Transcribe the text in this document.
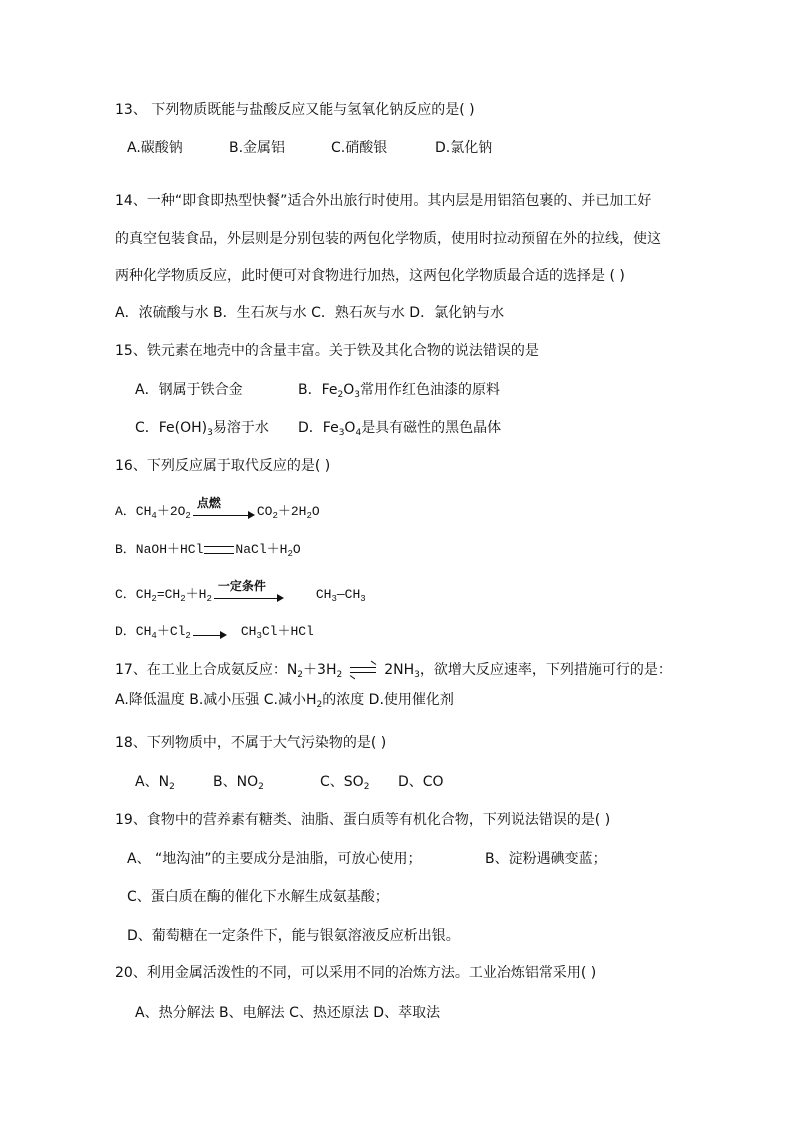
13、 下列物质既能与盐酸反应又能与氢氧化钠反应的是( )
A.碳酸钠	B.金属铝	C.硝酸银	D.氯化钠
14、一种“即食即热型快餐”适合外出旅行时使用。其内层是用铝箔包裹的、并已加工好
的真空包装食品，外层则是分别包装的两包化学物质，使用时拉动预留在外的拉线，使这
两种化学物质反应，此时便可对食物进行加热，这两包化学物质最合适的选择是 ( )
A．浓硫酸与水 B．生石灰与水 C．熟石灰与水 D．氯化钠与水
15、铁元素在地壳中的含量丰富。关于铁及其化合物的说法错误的是
A．钢属于铁合金	B．$Fe_2O_3$常用作红色油漆的原料
C．$Fe(OH)_3$易溶于水 D．$Fe_3O_4$是具有磁性的黑色晶体
16、下列反应属于取代反应的是( )
A．$CH_4+2O_2$
点燃
$CO_2+2H_2O$
B．NaOH＋HCl $NaCl+H_2O$
C．$CH_2=CH_2+H_2$
一定条件
$CH_3—CH_3$
D．$CH_4+Cl_2$	$CH_3Cl+HCl$
17、在工业上合成氨反应：$N_2+3H_2$	$2NH_3$，欲增大反应速率，下列措施可行的是：
A.降低温度 B.减小压强 C.减小$H_2$的浓度 D.使用催化剂
18、下列物质中，不属于大气污染物的是( )
A、$N_2$	B、$NO_2$	C、$SO_2$ D、CO
19、食物中的营养素有糖类、油脂、蛋白质等有机化合物，下列说法错误的是( )
A、 “地沟油”的主要成分是油脂，可放心使用；	B、淀粉遇碘变蓝；
C、蛋白质在酶的催化下水解生成氨基酸；
D、葡萄糖在一定条件下，能与银氨溶液反应析出银。
20、利用金属活泼性的不同，可以采用不同的冶炼方法。工业冶炼铝常采用( )
A、热分解法 B、电解法 C、热还原法 D、萃取法
